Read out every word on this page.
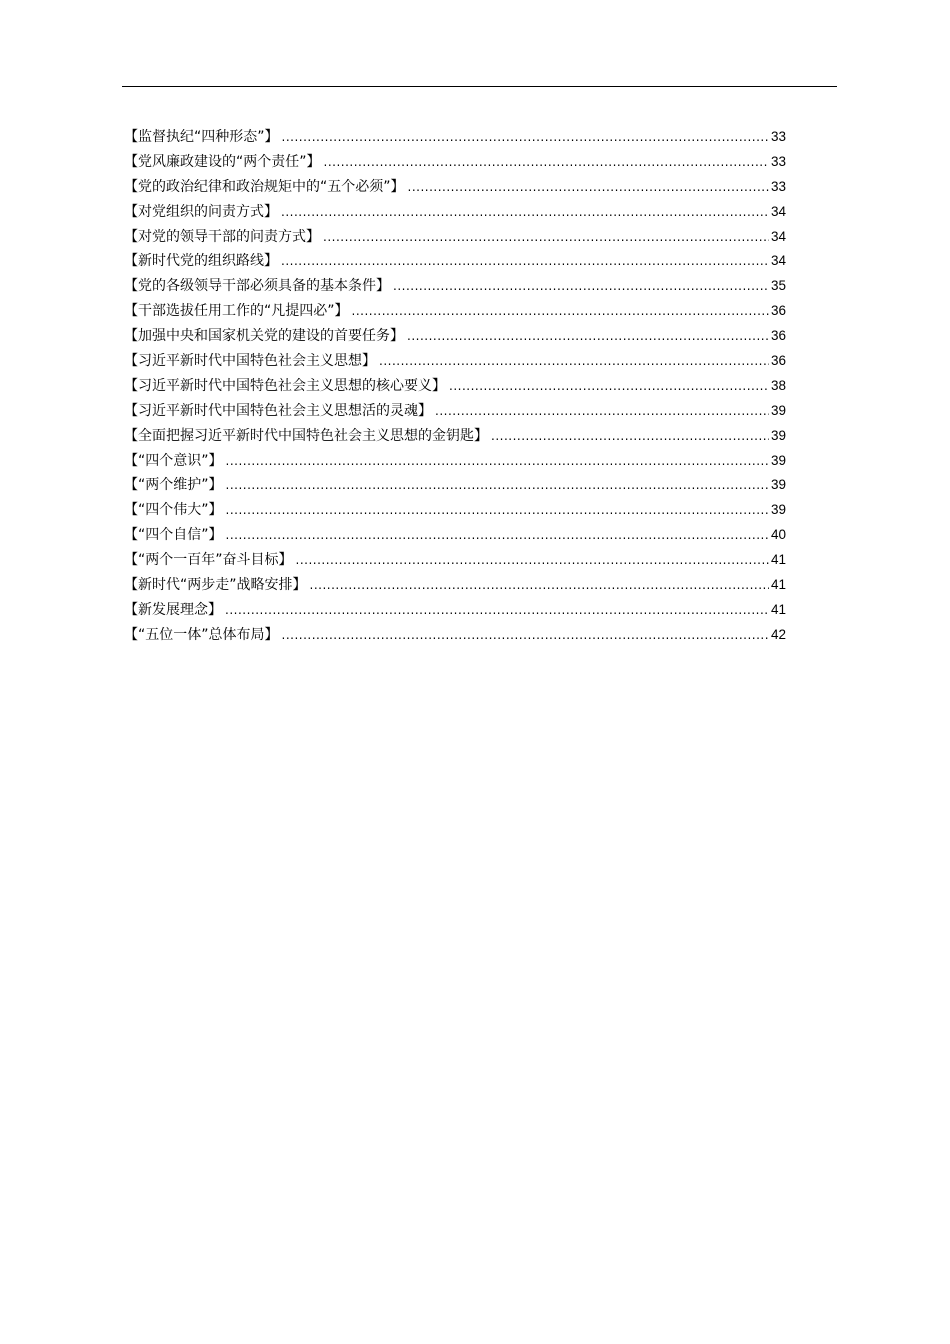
【监督执纪“四种形态”】 .....	33
【党风廉政建设的“两个责任”】 .....	33
【党的政治纪律和政治规矩中的“五个必须”】 .....	33
【对党组织的问责方式】 .....	34
【对党的领导干部的问责方式】 .....	34
【新时代党的组织路线】 .....	34
【党的各级领导干部必须具备的基本条件】 .....	35
【干部选拔任用工作的“凡提四必”】 .....	36
【加强中央和国家机关党的建设的首要任务】 .....	36
【习近平新时代中国特色社会主义思想】 .....	36
【习近平新时代中国特色社会主义思想的核心要义】 .....	38
【习近平新时代中国特色社会主义思想活的灵魂】 .....	39
【全面把握习近平新时代中国特色社会主义思想的金钥匙】 .....	39
【“四个意识”】 .....	39
【“两个维护”】 .....	39
【“四个伟大”】 .....	39
【“四个自信”】 .....	40
【“两个一百年”奋斗目标】 .....	41
【新时代“两步走”战略安排】 .....	41
【新发展理念】 .....	41
【“五位一体”总体布局】 .....	42
